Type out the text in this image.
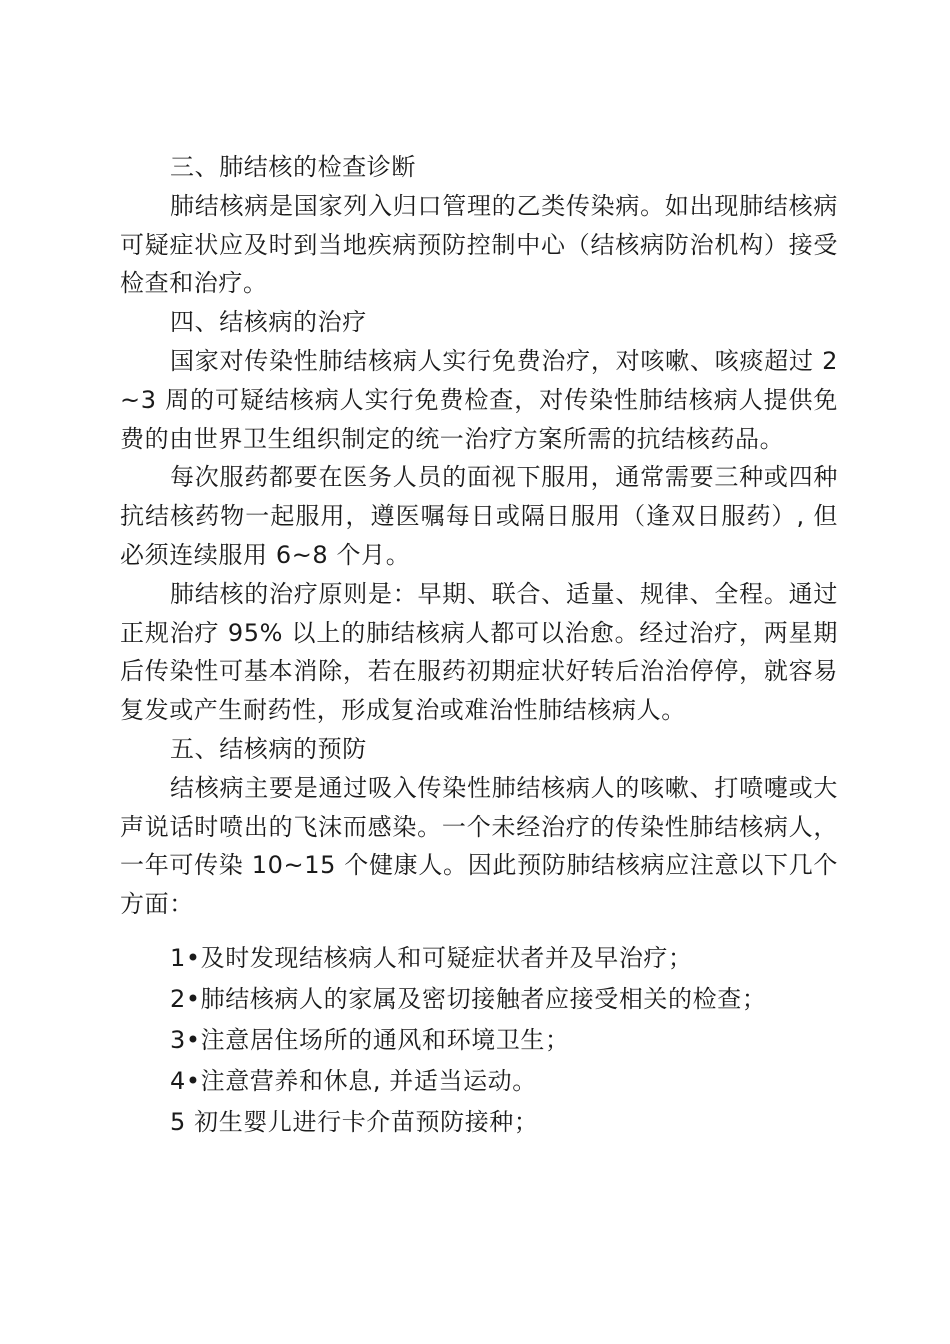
三、肺结核的检查诊断
肺结核病是国家列入归口管理的乙类传染病。如出现肺结核病
可疑症状应及时到当地疾病预防控制中心（结核病防治机构）接受
检查和治疗。
四、结核病的治疗
国家对传染性肺结核病人实行免费治疗，对咳嗽、咳痰超过 2
~3 周的可疑结核病人实行免费检查，对传染性肺结核病人提供免
费的由世界卫生组织制定的统一治疗方案所需的抗结核药品。
每次服药都要在医务人员的面视下服用，通常需要三种或四种
抗结核药物一起服用，遵医嘱每日或隔日服用（逢双日服药）, 但
必须连续服用 6~8 个月。
肺结核的治疗原则是：早期、联合、适量、规律、全程。通过
正规治疗 95% 以上的肺结核病人都可以治愈。经过治疗，两星期
后传染性可基本消除，若在服药初期症状好转后治治停停，就容易
复发或产生耐药性，形成复治或难治性肺结核病人。
五、结核病的预防
结核病主要是通过吸入传染性肺结核病人的咳嗽、打喷嚏或大
声说话时喷出的飞沫而感染。一个未经治疗的传染性肺结核病人，
一年可传染 10~15 个健康人。因此预防肺结核病应注意以下几个
方面：
1•及时发现结核病人和可疑症状者并及早治疗；
2•肺结核病人的家属及密切接触者应接受相关的检查；
3•注意居住场所的通风和环境卫生；
4•注意营养和休息, 并适当运动。
5 初生婴儿进行卡介苗预防接种；
